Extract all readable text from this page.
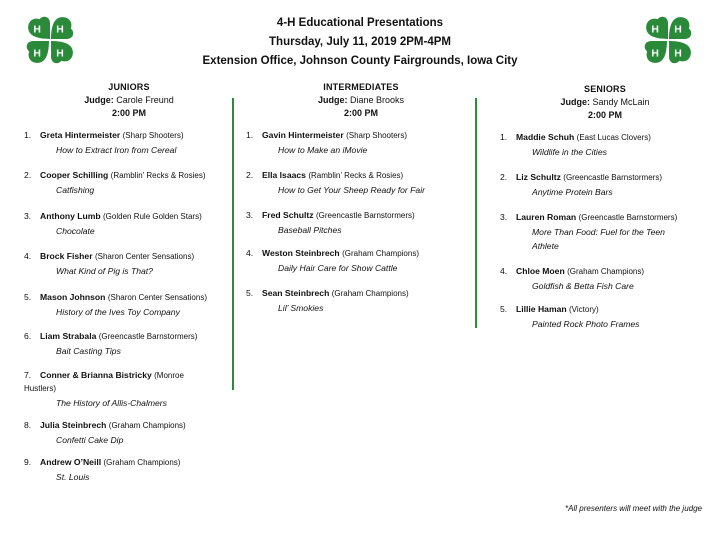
H H
H H
H H
H H
4-H Educational Presentations
Thursday, July 11, 2019 2PM-4PM
Extension Office, Johnson County Fairgrounds, Iowa City
JUNIORS
Judge: Carole Freund
2:00 PM
INTERMEDIATES
Judge: Diane Brooks
2:00 PM
SENIORS
Judge: Sandy McLain
2:00 PM
1. Greta Hintermeister (Sharp Shooters)
How to Extract Iron from Cereal
2. Cooper Schilling (Ramblin’ Recks & Rosies)
Catfishing
3. Anthony Lumb (Golden Rule Golden Stars)
Chocolate
4. Brock Fisher (Sharon Center Sensations)
What Kind of Pig is That?
5. Mason Johnson (Sharon Center Sensations)
History of the Ives Toy Company
6. Liam Strabala (Greencastle Barnstormers)
Bait Casting Tips
7. Conner & Brianna Bistricky (Monroe
Hustlers)
The History of Allis-Chalmers
8. Julia Steinbrech (Graham Champions)
Confetti Cake Dip
9. Andrew O’Neill (Graham Champions)
St. Louis
1. Gavin Hintermeister (Sharp Shooters)
How to Make an iMovie
2. Ella Isaacs (Ramblin’ Recks & Rosies)
How to Get Your Sheep Ready for Fair
3. Fred Schultz (Greencastle Barnstormers)
Baseball Pitches
4. Weston Steinbrech (Graham Champions)
Daily Hair Care for Show Cattle
5. Sean Steinbrech (Graham Champions)
Lil’ Smokies
1. Maddie Schuh (East Lucas Clovers)
Wildlife in the Cities
2. Liz Schultz (Greencastle Barnstormers)
Anytime Protein Bars
3. Lauren Roman (Greencastle Barnstormers)
More Than Food: Fuel for the Teen
Athlete
4. Chloe Moen (Graham Champions)
Goldfish & Betta Fish Care
5. Lillie Haman (Victory)
Painted Rock Photo Frames
*All presenters will meet with the judge
